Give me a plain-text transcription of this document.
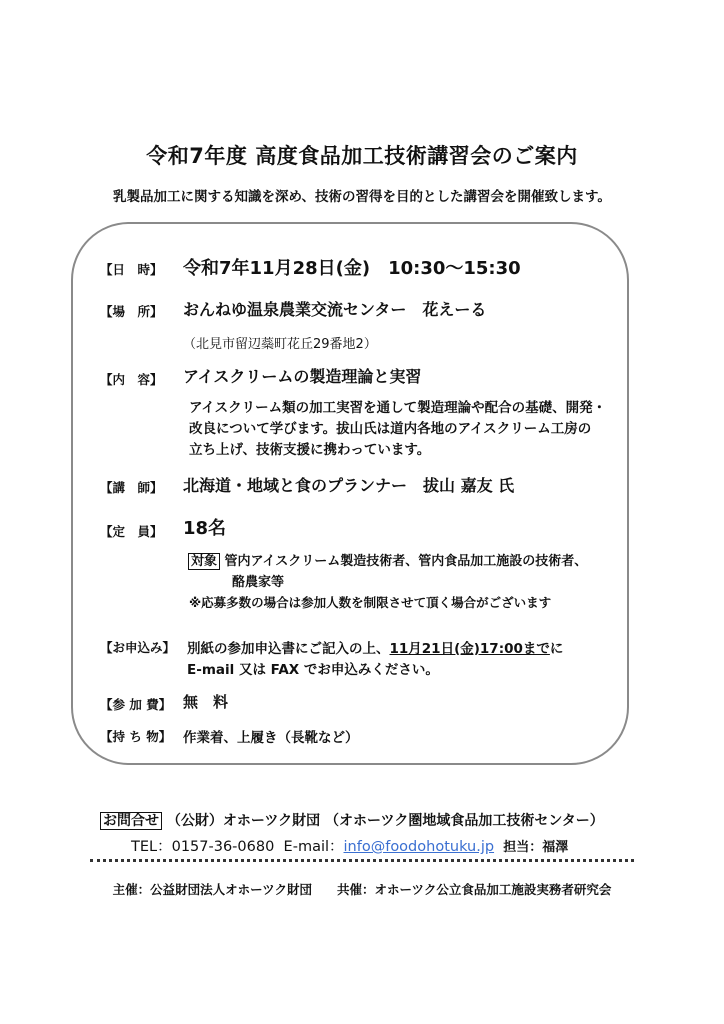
令和7年度 高度食品加工技術講習会のご案内
乳製品加工に関する知識を深め、技術の習得を目的とした講習会を開催致します。
【日　時】 令和7年11月28日(金)　10:30～15:30
【場　所】 おんねゆ温泉農業交流センター　花えーる
（北見市留辺蘂町花丘29番地2）
【内　容】 アイスクリームの製造理論と実習
アイスクリーム類の加工実習を通して製造理論や配合の基礎、開発・
改良について学びます。拔山氏は道内各地のアイスクリーム工房の
立ち上げ、技術支援に携わっています。
【講　師】 北海道・地域と食のプランナー　拔山 嘉友 氏
【定　員】 18名
対象 管内アイスクリーム製造技術者、管内食品加工施設の技術者、
酪農家等
※応募多数の場合は参加人数を制限させて頂く場合がございます
【お申込み】 別紙の参加申込書にご記入の上、11月21日(金)17:00までに
E-mail 又は FAX でお申込みください。
【参 加 費】 無　料
【持 ち 物】 作業着、上履き（長靴など）
お問合せ （公財）オホーツク財団 （オホーツク圏地域食品加工技術センター）
TEL：0157-36-0680 E-mail：info@foodohotuku.jp 担当：福澤
主催：公益財団法人オホーツク財団　　共催：オホーツク公立食品加工施設実務者研究会
